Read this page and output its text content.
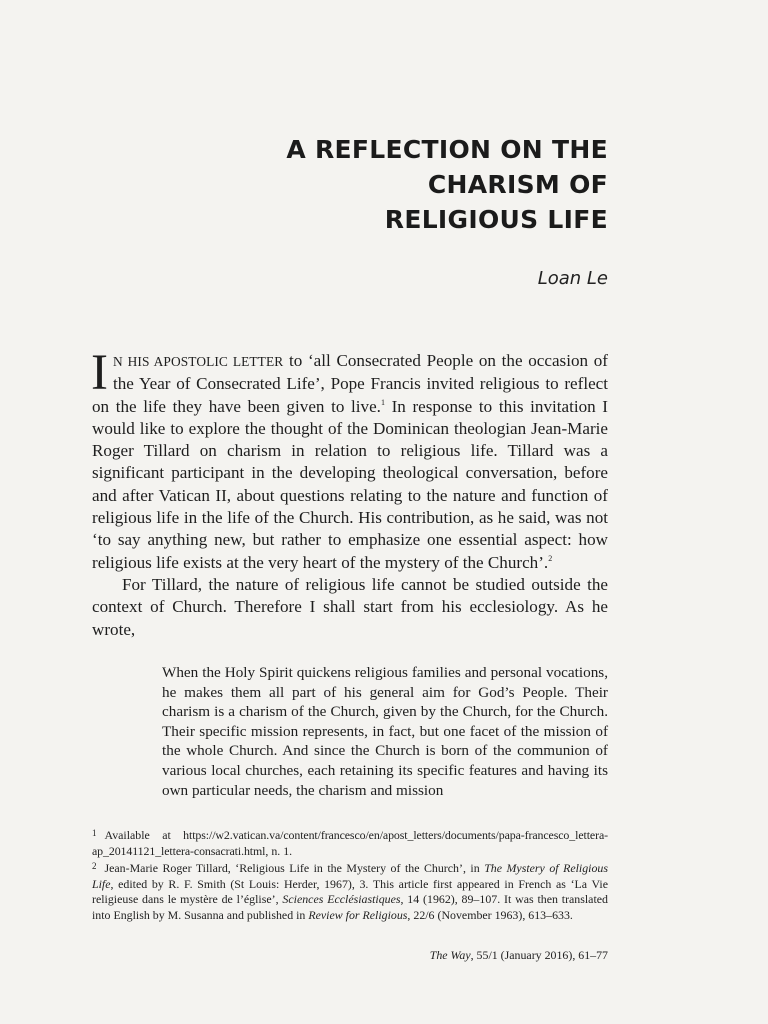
A REFLECTION ON THE
CHARISM OF
RELIGIOUS LIFE
Loan Le

I N HIS APOSTOLIC LETTER to ‘all Consecrated People on the occasion of the Year of Consecrated Life’, Pope Francis invited religious to reflect on the life they have been given to live.$^1$ In response to this invitation I would like to explore the thought of the Dominican theologian Jean-Marie Roger Tillard on charism in relation to religious life. Tillard was a significant participant in the developing theological conversation, before and after Vatican II, about questions relating to the nature and function of religious life in the life of the Church. His contribution, as he said, was not ‘to say anything new, but rather to emphasize one essential aspect: how religious life exists at the very heart of the mystery of the Church’.$^2$

For Tillard, the nature of religious life cannot be studied outside the context of Church. Therefore I shall start from his ecclesiology. As he wrote,

When the Holy Spirit quickens religious families and personal vocations, he makes them all part of his general aim for God’s People. Their charism is a charism of the Church, given by the Church, for the Church. Their specific mission represents, in fact, but one facet of the mission of the whole Church. And since the Church is born of the communion of various local churches, each retaining its specific features and having its own particular needs, the charism and mission

$^1$ Available at https://w2.vatican.va/content/francesco/en/apost_letters/documents/papa-francesco_lettera-ap_20141121_lettera-consacrati.html, n. 1.

$^2$ Jean-Marie Roger Tillard, ‘Religious Life in the Mystery of the Church’, in The Mystery of Religious Life, edited by R. F. Smith (St Louis: Herder, 1967), 3. This article first appeared in French as ‘La Vie religieuse dans le mystère de l’église’, Sciences Ecclésiastiques, 14 (1962), 89–107. It was then translated into English by M. Susanna and published in Review for Religious, 22/6 (November 1963), 613–633.

The Way, 55/1 (January 2016), 61–77
